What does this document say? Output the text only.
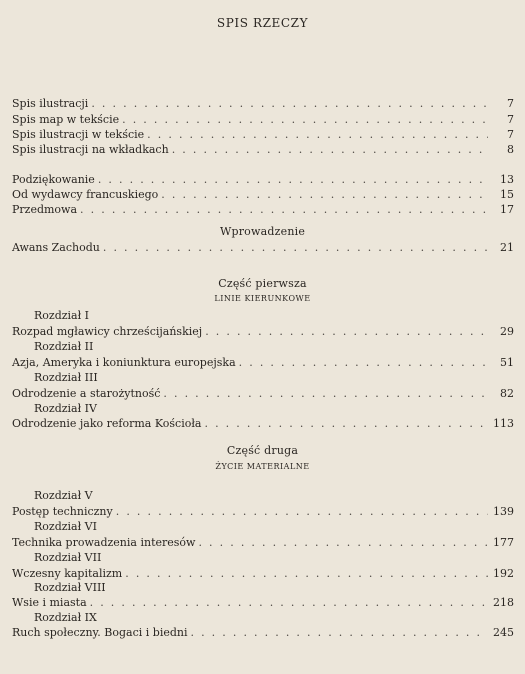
SPIS RZECZY
Spis ilustracji . . .	7
Spis map w tekście . . .	7
Spis ilustracji w tekście . . .	7
Spis ilustracji na wkładkach . . .	8
Podziękowanie . . .	13
Od wydawcy francuskiego . . .	15
Przedmowa . . .	17
Wprowadzenie
Awans Zachodu . . .	21
Część pierwsza
LINIE KIERUNKOWE
Rozdział I
Rozpad mgławicy chrześcijańskiej . . .	29
Rozdział II
Azja, Ameryka i koniunktura europejska . . .	51
Rozdział III
Odrodzenie a starożytność . . .	82
Rozdział IV
Odrodzenie jako reforma Kościoła . . .	113
Część druga
ŻYCIE MATERIALNE
Rozdział V
Postęp techniczny . . .	139
Rozdział VI
Technika prowadzenia interesów . . .	177
Rozdział VII
Wczesny kapitalizm . . .	192
Rozdział VIII
Wsie i miasta . . .	218
Rozdział IX
Ruch społeczny. Bogaci i biedni . . .	245
